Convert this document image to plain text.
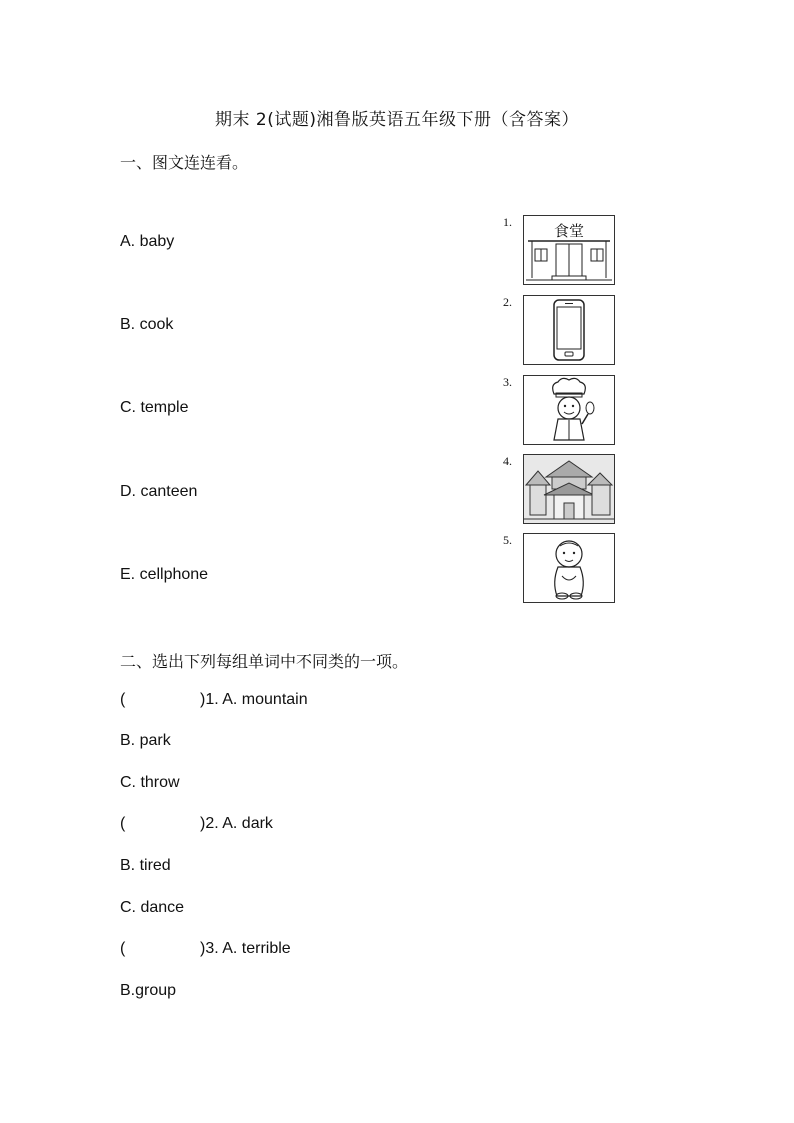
期末 2(试题)湘鲁版英语五年级下册（含答案）
一、图文连连看。
A. baby
B. cook
C. temple
D. canteen
E. cellphone
1.	食堂
2.
3.
4.
5.
二、选出下列每组单词中不同类的一项。
(	)1. A. mountain
B. park
C. throw
(	)2. A. dark
B. tired
C. dance
(	)3. A. terrible
B.group
